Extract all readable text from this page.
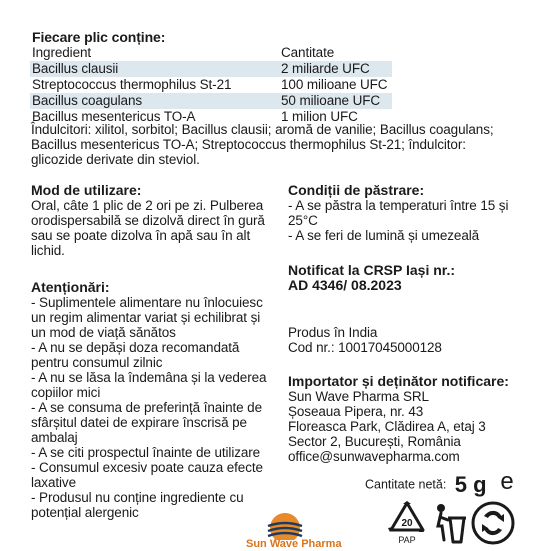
Fiecare plic conține:
Ingredient	Cantitate
Bacillus clausii	2 miliarde UFC
Streptococcus thermophilus St-21	100 milioane UFC
Bacillus coagulans	50 milioane UFC
Bacillus mesentericus TO-A	1 milion UFC
Îndulcitori: xilitol, sorbitol; Bacillus clausii; aromă de vanilie; Bacillus coagulans;
Bacillus mesentericus TO-A; Streptococcus thermophilus St-21; îndulcitor:
glicozide derivate din steviol.
Mod de utilizare:
Oral, câte 1 plic de 2 ori pe zi. Pulberea
orodispersabilă se dizolvă direct în gură
sau se poate dizolva în apă sau în alt
lichid.
Atenționări:
- Suplimentele alimentare nu înlocuiesc
un regim alimentar variat și echilibrat și
un mod de viață sănătos
- A nu se depăși doza recomandată
pentru consumul zilnic
- A nu se lăsa la îndemâna și la vederea
copiilor mici
- A se consuma de preferință înainte de
sfârșitul datei de expirare înscrisă pe
ambalaj
- A se citi prospectul înainte de utilizare
- Consumul excesiv poate cauza efecte
laxative
- Produsul nu conține ingrediente cu
potențial alergenic
Condiții de păstrare:
- A se păstra la temperaturi între 15 și
25°C
- A se feri de lumină și umezeală
Notificat la CRSP Iași nr.:
AD 4346/ 08.2023
Produs în India
Cod nr.: 10017045000128
Importator și deținător notificare:
Sun Wave Pharma SRL
Șoseaua Pipera, nr. 43
Floreasca Park, Clădirea A, etaj 3
Sector 2, București, România
office@sunwavepharma.com
Cantitate netă: 5 g e
20
PAP
Sun Wave Pharma
